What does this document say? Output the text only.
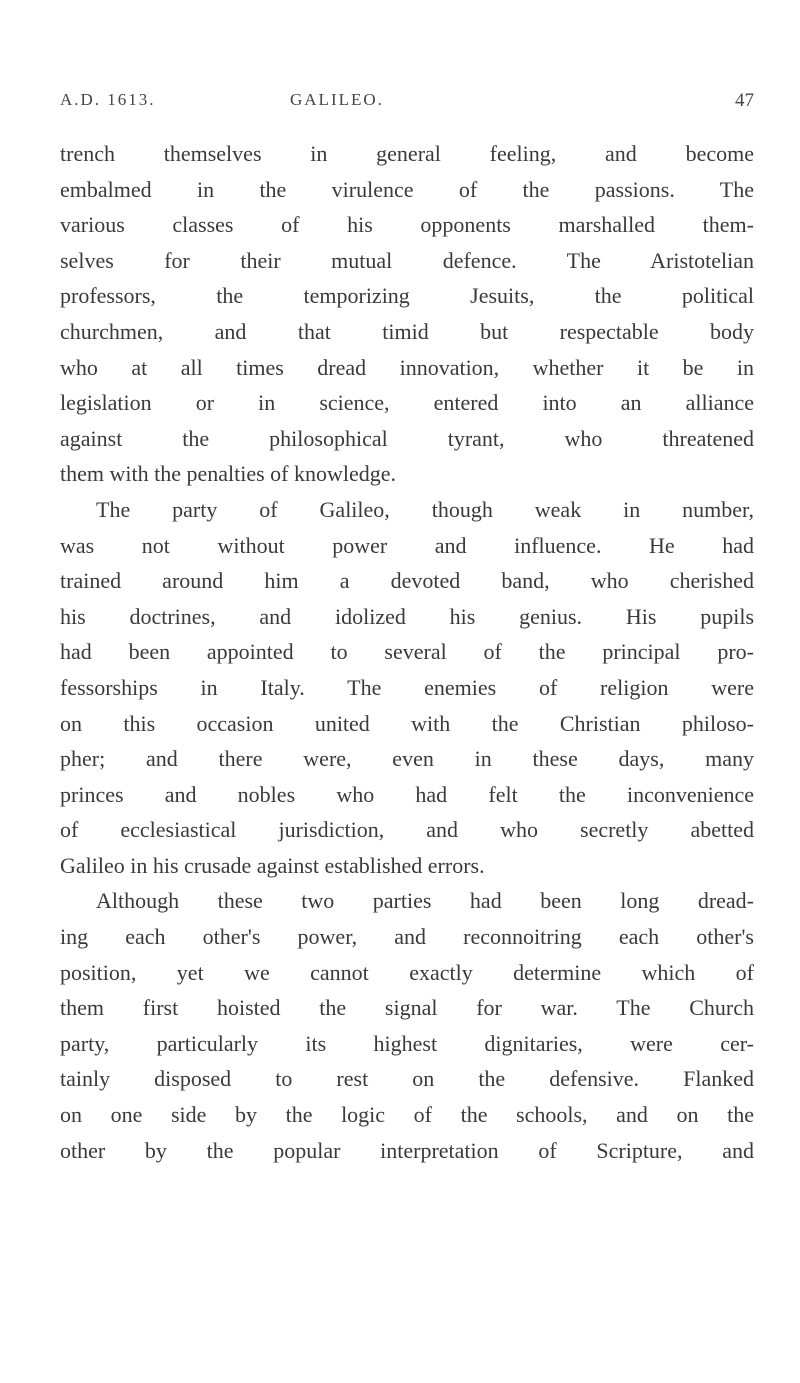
A.D. 1613.	GALILEO.	47
trench themselves in general feeling, and become
embalmed in the virulence of the passions. The
various classes of his opponents marshalled them-
selves for their mutual defence. The Aristotelian
professors, the temporizing Jesuits, the political
churchmen, and that timid but respectable body
who at all times dread innovation, whether it be in
legislation or in science, entered into an alliance
against the philosophical tyrant, who threatened
them with the penalties of knowledge.
The party of Galileo, though weak in number,
was not without power and influence. He had
trained around him a devoted band, who cherished
his doctrines, and idolized his genius. His pupils
had been appointed to several of the principal pro-
fessorships in Italy. The enemies of religion were
on this occasion united with the Christian philoso-
pher; and there were, even in these days, many
princes and nobles who had felt the inconvenience
of ecclesiastical jurisdiction, and who secretly abetted
Galileo in his crusade against established errors.
Although these two parties had been long dread-
ing each other's power, and reconnoitring each other's
position, yet we cannot exactly determine which of
them first hoisted the signal for war. The Church
party, particularly its highest dignitaries, were cer-
tainly disposed to rest on the defensive. Flanked
on one side by the logic of the schools, and on the
other by the popular interpretation of Scripture, and
